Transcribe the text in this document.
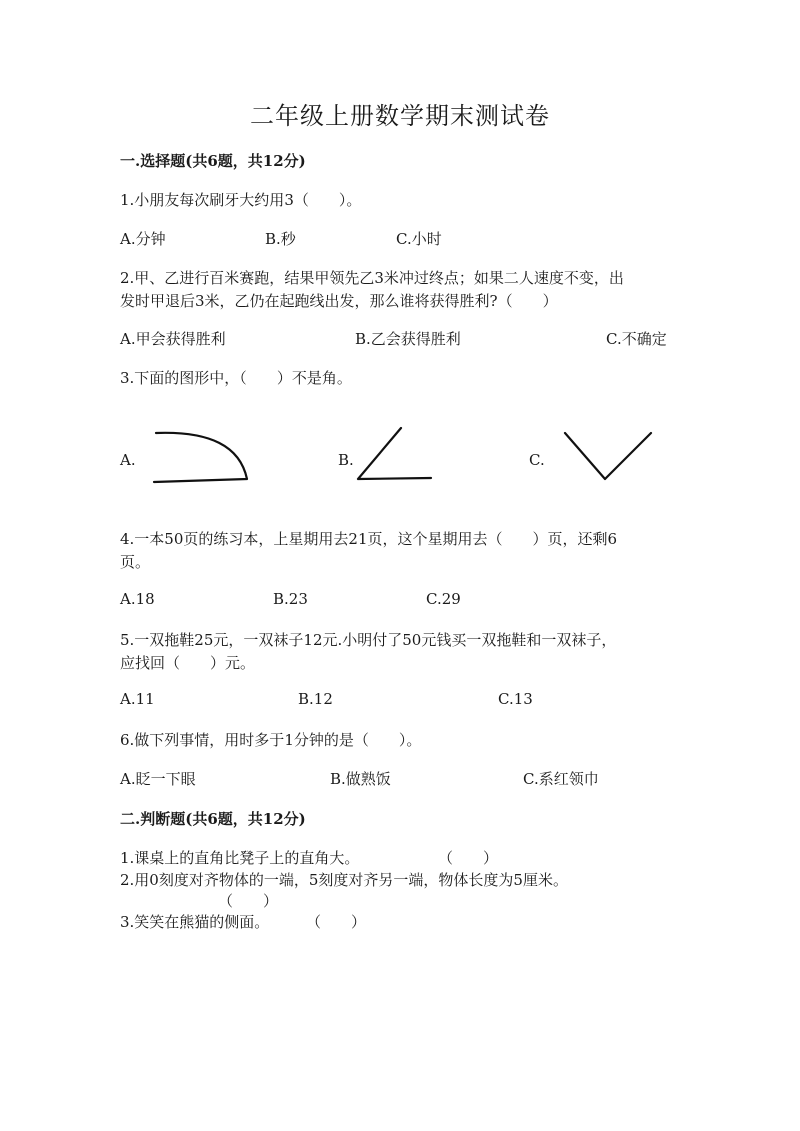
二年级上册数学期末测试卷
一.选择题(共6题，共12分)
1.小朋友每次刷牙大约用3（　　）。
A.分钟	B.秒	C.小时
2.甲、乙进行百米赛跑，结果甲领先乙3米冲过终点；如果二人速度不变，出
发时甲退后3米，乙仍在起跑线出发，那么谁将获得胜利?（　　）
A.甲会获得胜利	B.乙会获得胜利	C.不确定
3.下面的图形中，（　　）不是角。
A.	B.	C.
4.一本50页的练习本，上星期用去21页，这个星期用去（　　）页，还剩6
页。
A.18	B.23	C.29
5.一双拖鞋25元，一双袜子12元.小明付了50元钱买一双拖鞋和一双袜子，
应找回（　　）元。
A.11	B.12	C.13
6.做下列事情，用时多于1分钟的是（　　）。
A.眨一下眼	B.做熟饭	C.系红领巾
二.判断题(共6题，共12分)
1.课桌上的直角比凳子上的直角大。	（　　）
2.用0刻度对齐物体的一端，5刻度对齐另一端，物体长度为5厘米。
（　　）
3.笑笑在熊猫的侧面。 （　　）
